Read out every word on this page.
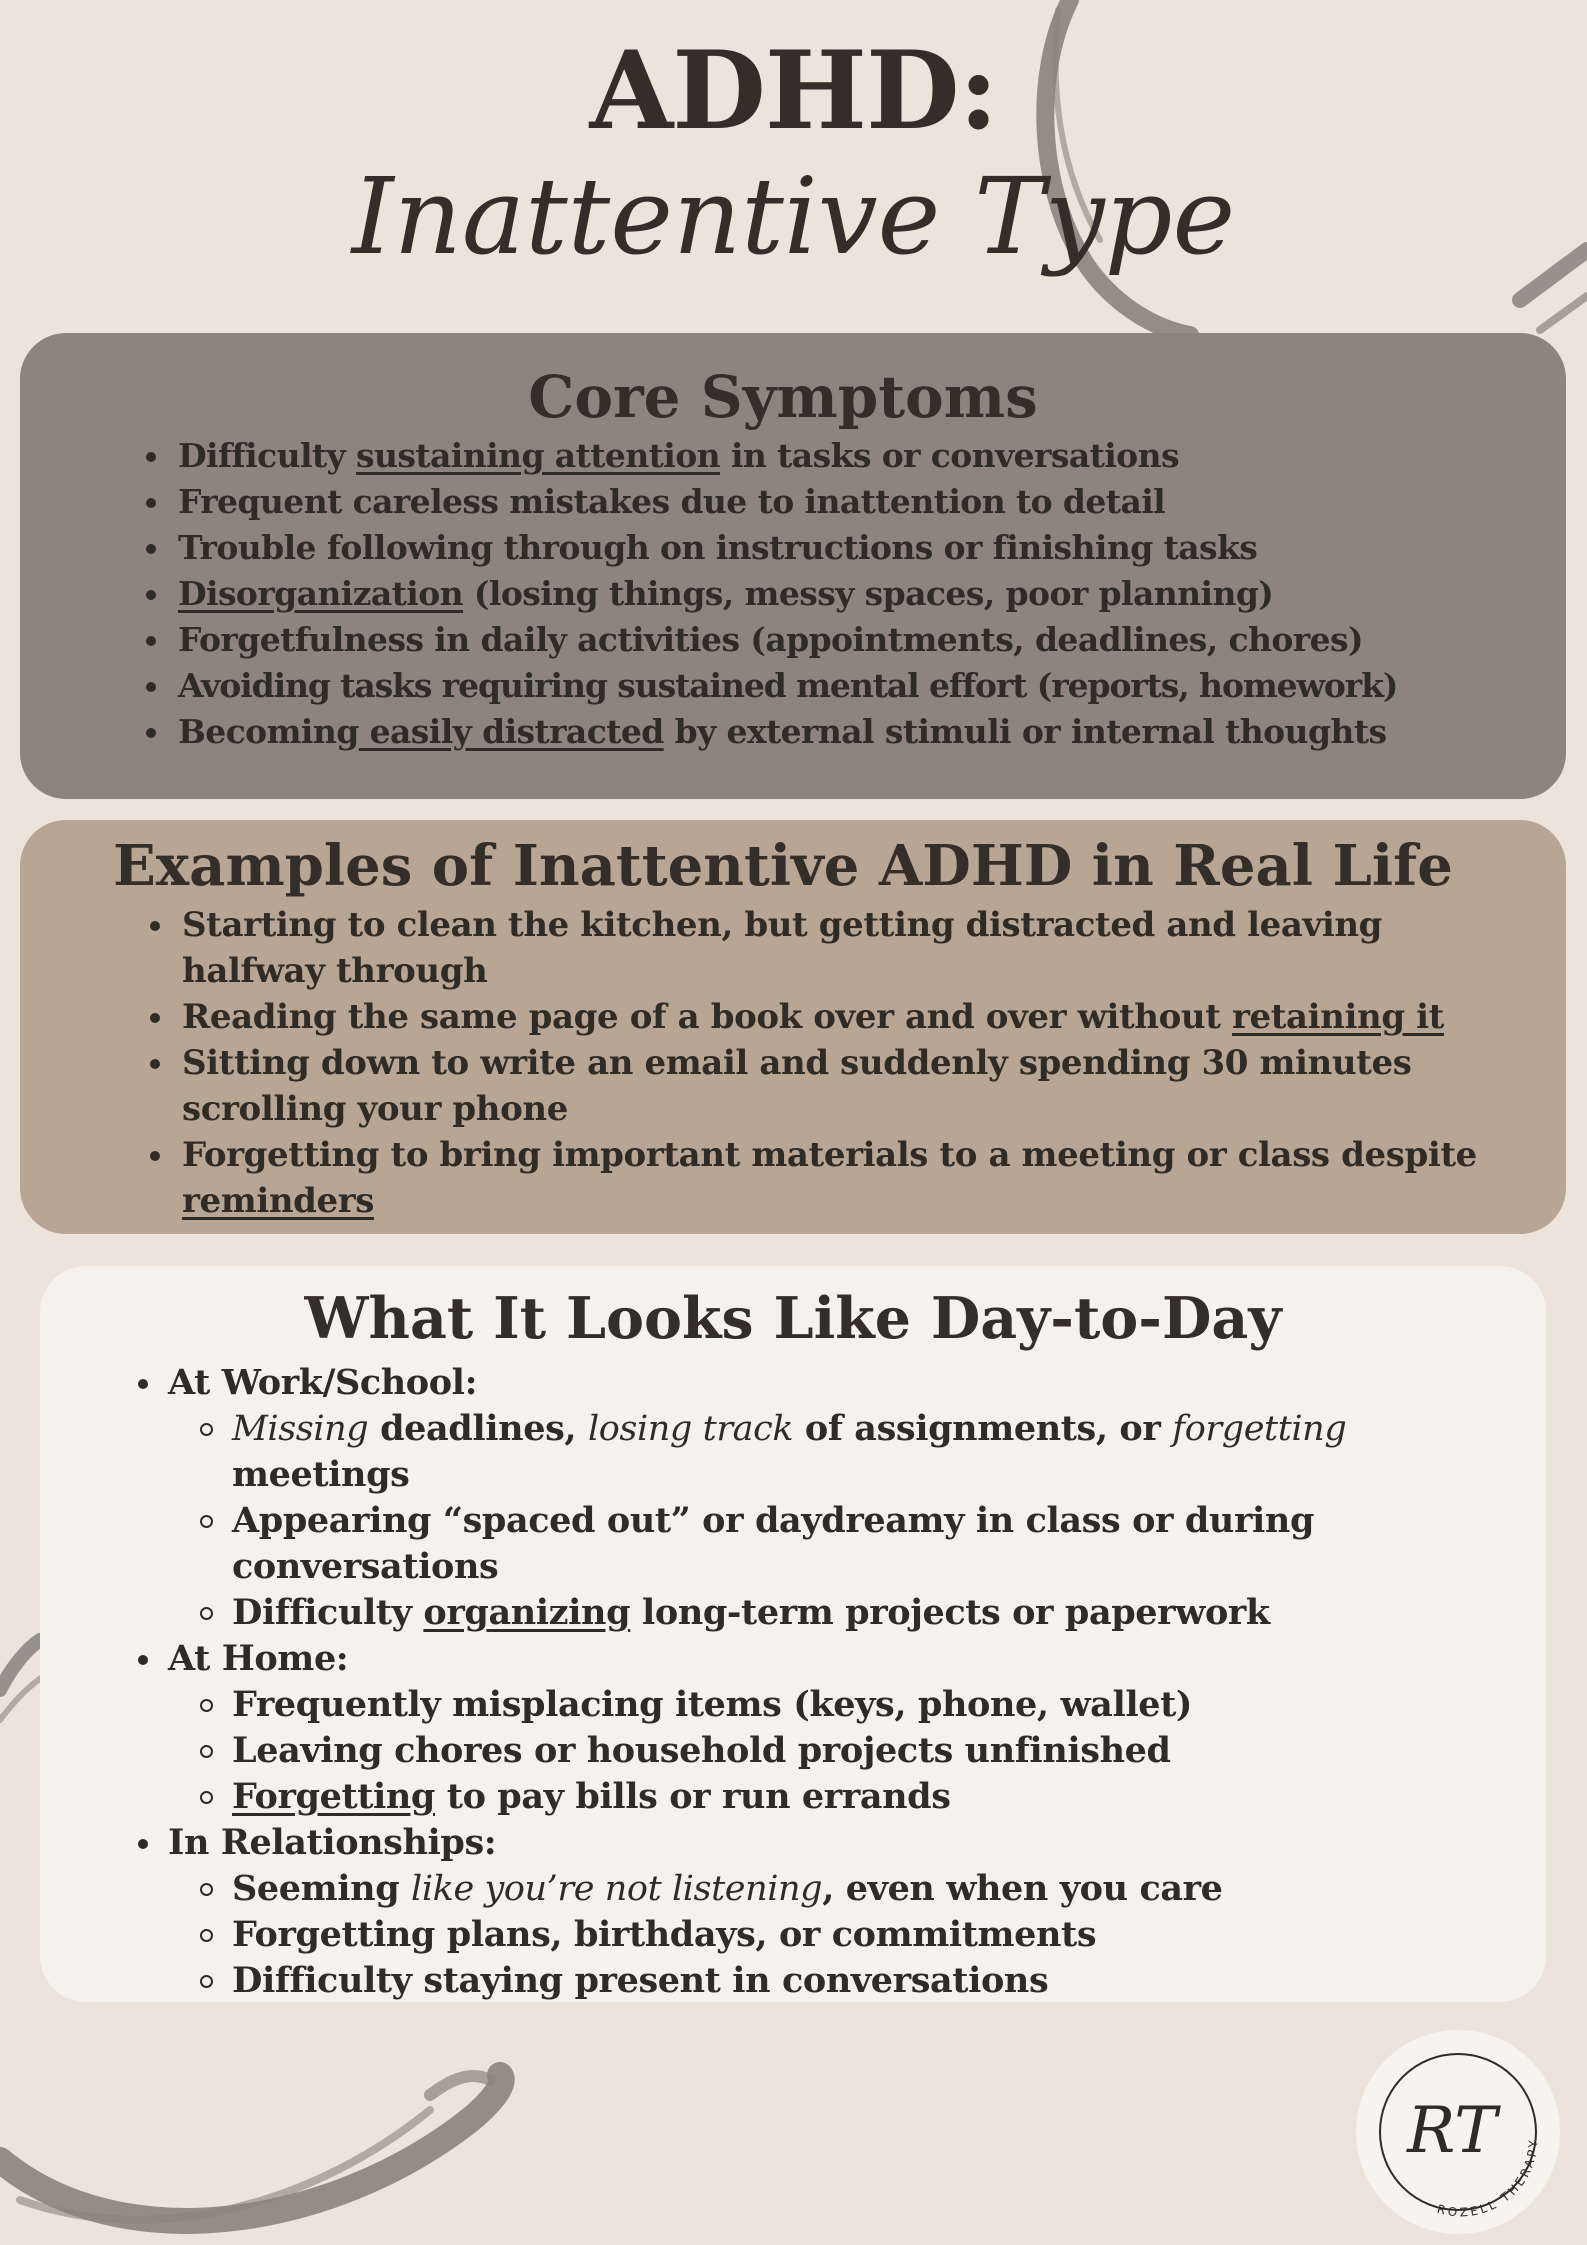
ADHD:
Inattentive Type
Core Symptoms
Difficulty sustaining attention in tasks or conversations
Frequent careless mistakes due to inattention to detail
Trouble following through on instructions or finishing tasks
Disorganization (losing things, messy spaces, poor planning)
Forgetfulness in daily activities (appointments, deadlines, chores)
Avoiding tasks requiring sustained mental effort (reports, homework)
Becoming easily distracted by external stimuli or internal thoughts
Examples of Inattentive ADHD in Real Life
Starting to clean the kitchen, but getting distracted and leaving halfway through
Reading the same page of a book over and over without retaining it
Sitting down to write an email and suddenly spending 30 minutes scrolling your phone
Forgetting to bring important materials to a meeting or class despite reminders
What It Looks Like Day-to-Day
At Work/School:
Missing deadlines, losing track of assignments, or forgetting meetings
Appearing “spaced out” or daydreamy in class or during conversations
Difficulty organizing long-term projects or paperwork
At Home:
Frequently misplacing items (keys, phone, wallet)
Leaving chores or household projects unfinished
Forgetting to pay bills or run errands
In Relationships:
Seeming like you’re not listening, even when you care
Forgetting plans, birthdays, or commitments
Difficulty staying present in conversations
RT
ROZELL THERAPY
